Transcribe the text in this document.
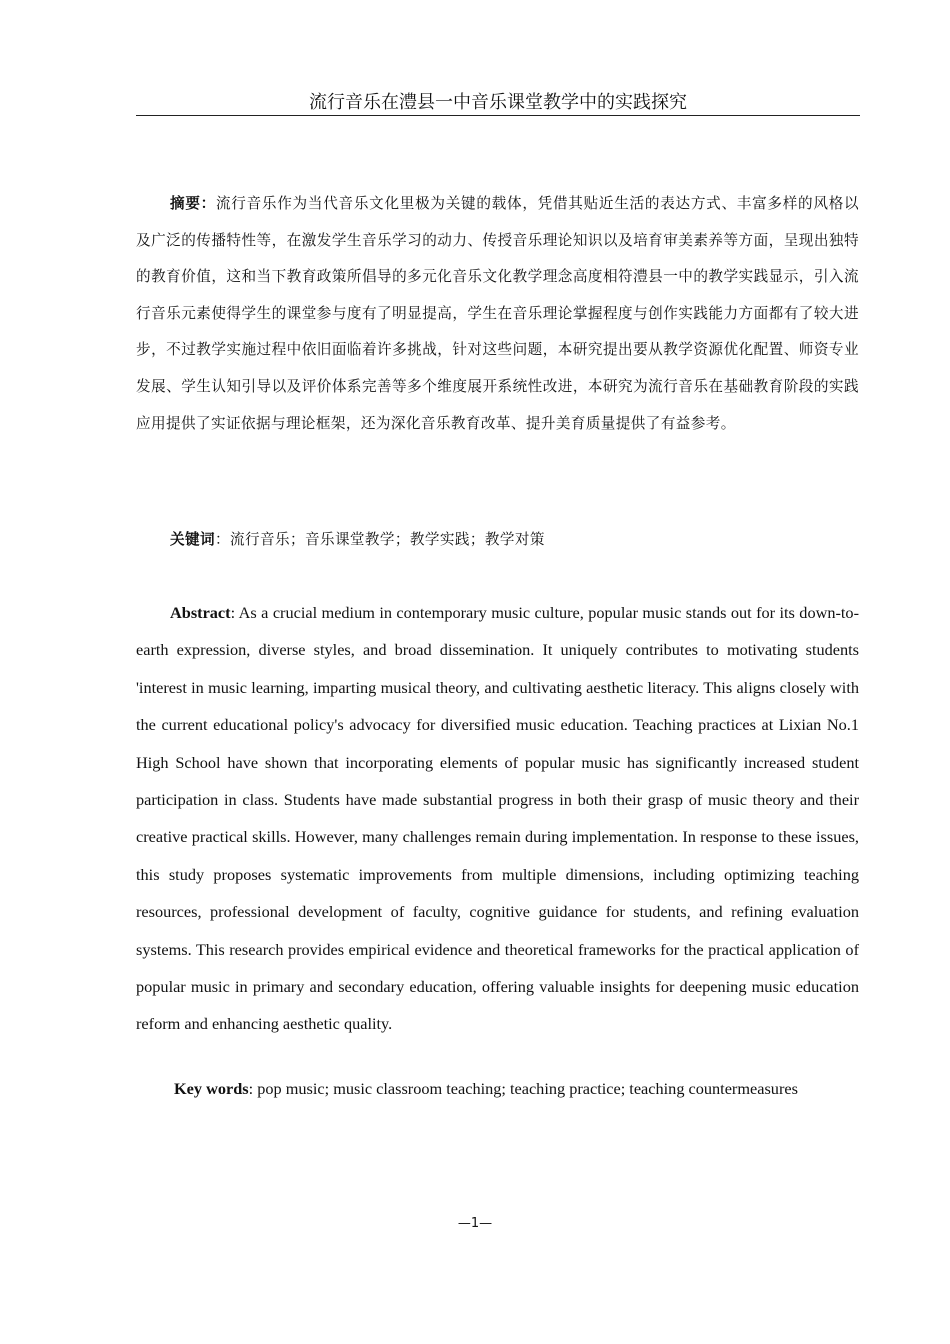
流行音乐在澧县一中音乐课堂教学中的实践探究
摘要：流行音乐作为当代音乐文化里极为关键的载体，凭借其贴近生活的表达方式、丰富多样的风格以及广泛的传播特性等，在激发学生音乐学习的动力、传授音乐理论知识以及培育审美素养等方面，呈现出独特的教育价值，这和当下教育政策所倡导的多元化音乐文化教学理念高度相符澧县一中的教学实践显示，引入流行音乐元素使得学生的课堂参与度有了明显提高，学生在音乐理论掌握程度与创作实践能力方面都有了较大进步，不过教学实施过程中依旧面临着许多挑战，针对这些问题，本研究提出要从教学资源优化配置、师资专业发展、学生认知引导以及评价体系完善等多个维度展开系统性改进，本研究为流行音乐在基础教育阶段的实践应用提供了实证依据与理论框架，还为深化音乐教育改革、提升美育质量提供了有益参考。
关键词：流行音乐；音乐课堂教学；教学实践；教学对策
Abstract: As a crucial medium in contemporary music culture, popular music stands out for its down-to-earth expression, diverse styles, and broad dissemination. It uniquely contributes to motivating students 'interest in music learning, imparting musical theory, and cultivating aesthetic literacy. This aligns closely with the current educational policy's advocacy for diversified music education. Teaching practices at Lixian No.1 High School have shown that incorporating elements of popular music has significantly increased student participation in class. Students have made substantial progress in both their grasp of music theory and their creative practical skills. However, many challenges remain during implementation. In response to these issues, this study proposes systematic improvements from multiple dimensions, including optimizing teaching resources, professional development of faculty, cognitive guidance for students, and refining evaluation systems. This research provides empirical evidence and theoretical frameworks for the practical application of popular music in primary and secondary education, offering valuable insights for deepening music education reform and enhancing aesthetic quality.
Key words: pop music; music classroom teaching; teaching practice; teaching countermeasures
—1—
